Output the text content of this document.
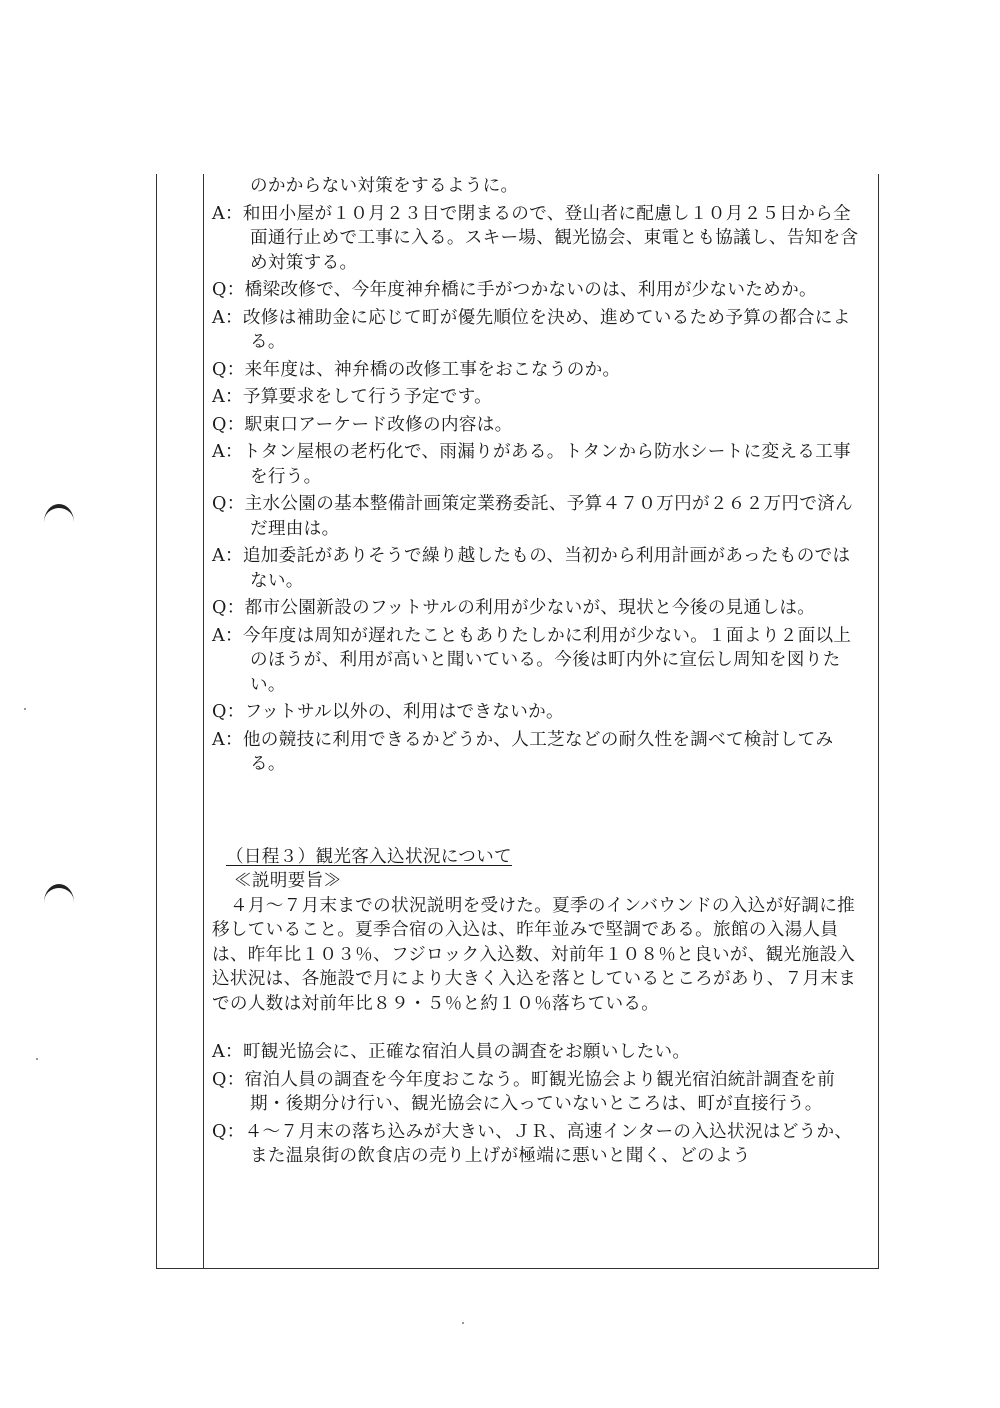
のかからない対策をするように。

A：和田小屋が１０月２３日で閉まるので、登山者に配慮し１０月２５日から全面通行止めで工事に入る。スキー場、観光協会、東電とも協議し、告知を含め対策する。

Q：橋梁改修で、今年度神弁橋に手がつかないのは、利用が少ないためか。

A：改修は補助金に応じて町が優先順位を決め、進めているため予算の都合による。

Q：来年度は、神弁橋の改修工事をおこなうのか。

A：予算要求をして行う予定です。

Q：駅東口アーケード改修の内容は。

A：トタン屋根の老朽化で、雨漏りがある。トタンから防水シートに変える工事を行う。

Q：主水公園の基本整備計画策定業務委託、予算４７０万円が２６２万円で済んだ理由は。

A：追加委託がありそうで繰り越したもの、当初から利用計画があったものではない。

Q：都市公園新設のフットサルの利用が少ないが、現状と今後の見通しは。

A：今年度は周知が遅れたこともありたしかに利用が少ない。１面より２面以上のほうが、利用が高いと聞いている。今後は町内外に宣伝し周知を図りたい。

Q：フットサル以外の、利用はできないか。

A：他の競技に利用できるかどうか、人工芝などの耐久性を調べて検討してみる。

（日程３）観光客入込状況について

≪説明要旨≫

４月～７月末までの状況説明を受けた。夏季のインバウンドの入込が好調に推移していること。夏季合宿の入込は、昨年並みで堅調である。旅館の入湯人員は、昨年比１０３％、フジロック入込数、対前年１０８％と良いが、観光施設入込状況は、各施設で月により大きく入込を落としているところがあり、７月末までの人数は対前年比８９・５％と約１０％落ちている。

A：町観光協会に、正確な宿泊人員の調査をお願いしたい。

Q：宿泊人員の調査を今年度おこなう。町観光協会より観光宿泊統計調査を前期・後期分け行い、観光協会に入っていないところは、町が直接行う。

Q：４～７月末の落ち込みが大きい、ＪＲ、高速インターの入込状況はどうか、また温泉街の飲食店の売り上げが極端に悪いと聞く、どのよう
